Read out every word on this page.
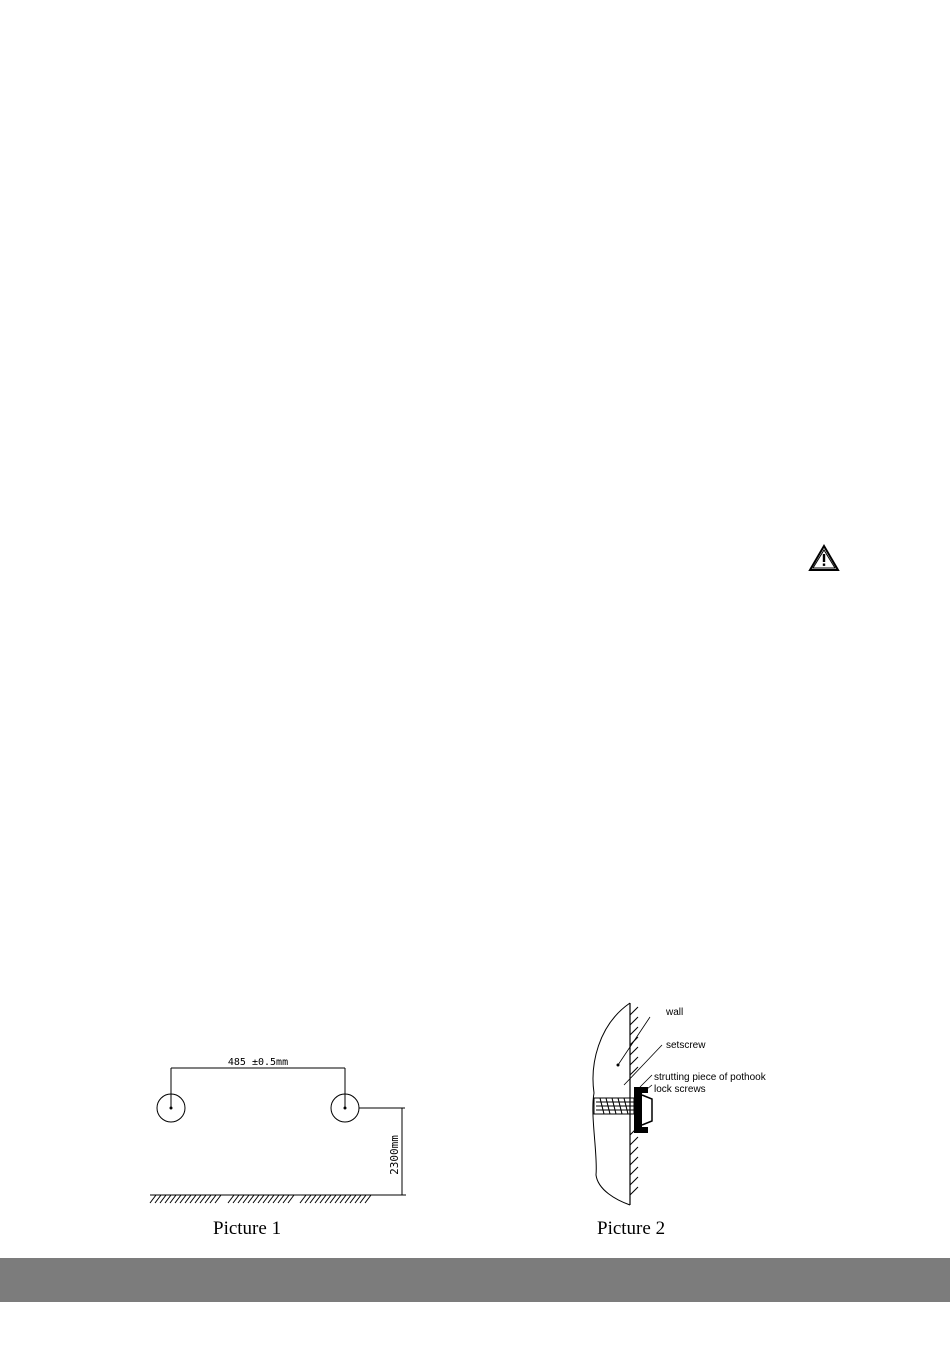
485 ±0.5mm
2300mm
Picture 1
wall
setscrew
strutting piece of pothook
lock screws
Picture 2
